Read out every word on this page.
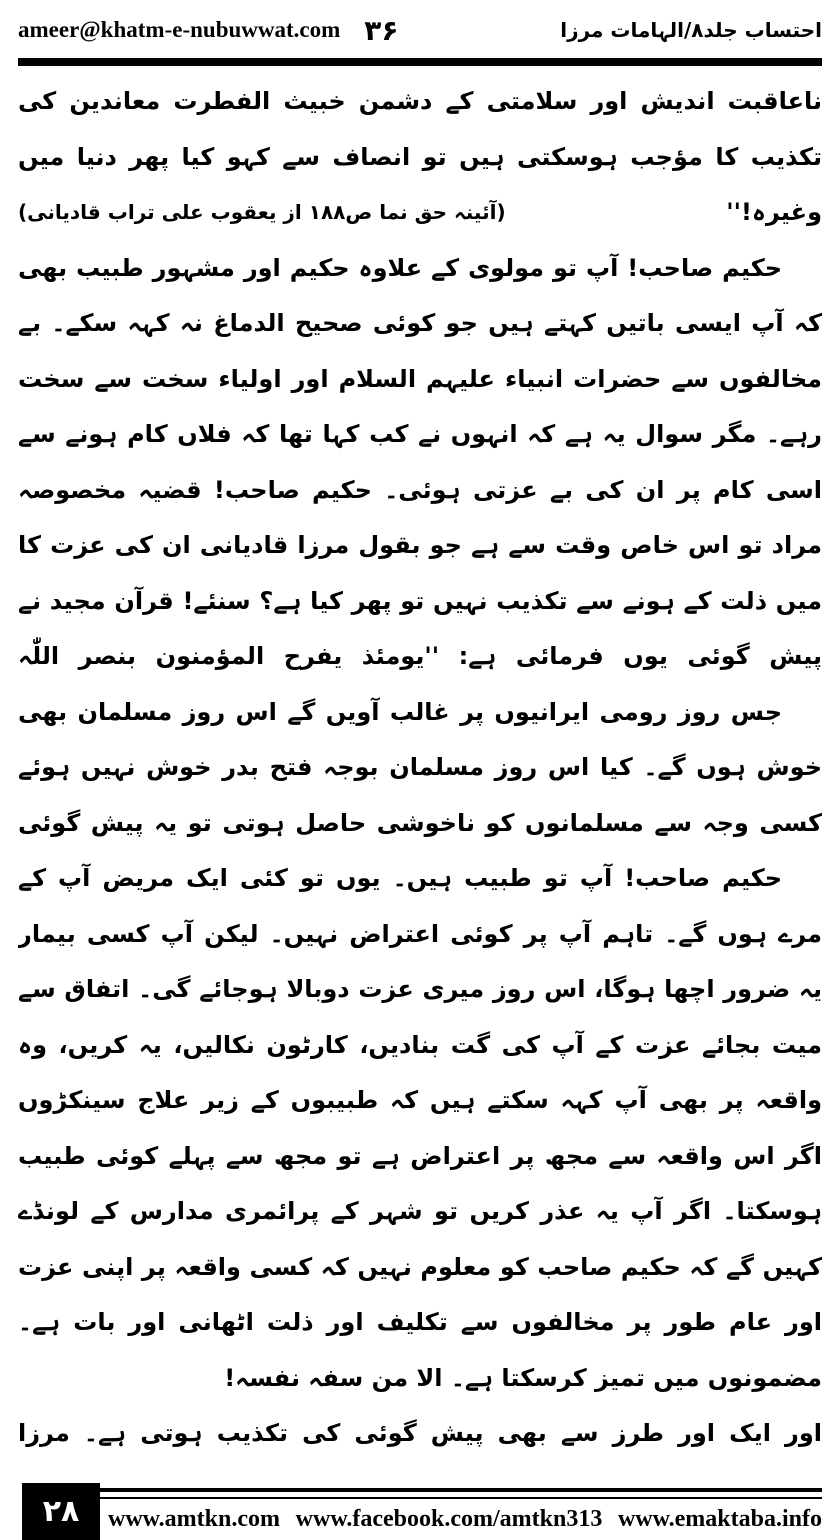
ameer@khatm-e-nubuwwat.com ۳۶	احتساب جلد۸/الہامات مرزا
ناعاقبت اندیش اور سلامتی کے دشمن خبیث الفطرت معاندین کی
تکذیب کا مؤجب ہوسکتی ہیں تو انصاف سے کہو کیا پھر دنیا میں
وغیرہ!''
(آئینہ حق نما ص۱۸۸ از یعقوب علی تراب قادیانی)
حکیم صاحب! آپ تو مولوی کے علاوہ حکیم اور مشہور طبیب بھی
کہ آپ ایسی باتیں کہتے ہیں جو کوئی صحیح الدماغ نہ کہہ سکے۔ بے
مخالفوں سے حضرات انبیاء علیہم السلام اور اولیاء سخت سے سخت
رہے۔ مگر سوال یہ ہے کہ انہوں نے کب کہا تھا کہ فلاں کام ہونے سے
اسی کام پر ان کی بے عزتی ہوئی۔ حکیم صاحب! قضیہ مخصوصہ
مراد تو اس خاص وقت سے ہے جو بقول مرزا قادیانی ان کی عزت کا
میں ذلت کے ہونے سے تکذیب نہیں تو پھر کیا ہے؟ سنئے! قرآن مجید نے
پیش گوئی یوں فرمائی ہے: ''یومئذ یفرح المؤمنون بنصر اللّٰہ
جس روز رومی ایرانیوں پر غالب آویں گے اس روز مسلمان بھی
خوش ہوں گے۔ کیا اس روز مسلمان بوجہ فتح بدر خوش نہیں ہوئے
کسی وجہ سے مسلمانوں کو ناخوشی حاصل ہوتی تو یہ پیش گوئی
حکیم صاحب! آپ تو طبیب ہیں۔ یوں تو کئی ایک مریض آپ کے
مرے ہوں گے۔ تاہم آپ پر کوئی اعتراض نہیں۔ لیکن آپ کسی بیمار
یہ ضرور اچھا ہوگا، اس روز میری عزت دوبالا ہوجائے گی۔ اتفاق سے
میت بجائے عزت کے آپ کی گت بنادیں، کارٹون نکالیں، یہ کریں، وہ
واقعہ پر بھی آپ کہہ سکتے ہیں کہ طبیبوں کے زیر علاج سینکڑوں
اگر اس واقعہ سے مجھ پر اعتراض ہے تو مجھ سے پہلے کوئی طبیب
ہوسکتا۔ اگر آپ یہ عذر کریں تو شہر کے پرائمری مدارس کے لونڈے
کہیں گے کہ حکیم صاحب کو معلوم نہیں کہ کسی واقعہ پر اپنی عزت
اور عام طور پر مخالفوں سے تکلیف اور ذلت اٹھانی اور بات ہے۔
مضمونوں میں تمیز کرسکتا ہے۔ الا من سفہ نفسہ!
اور ایک اور طرز سے بھی پیش گوئی کی تکذیب ہوتی ہے۔ مرزا
۲۸	www.amtkn.com www.facebook.com/amtkn313 www.emaktaba.info
